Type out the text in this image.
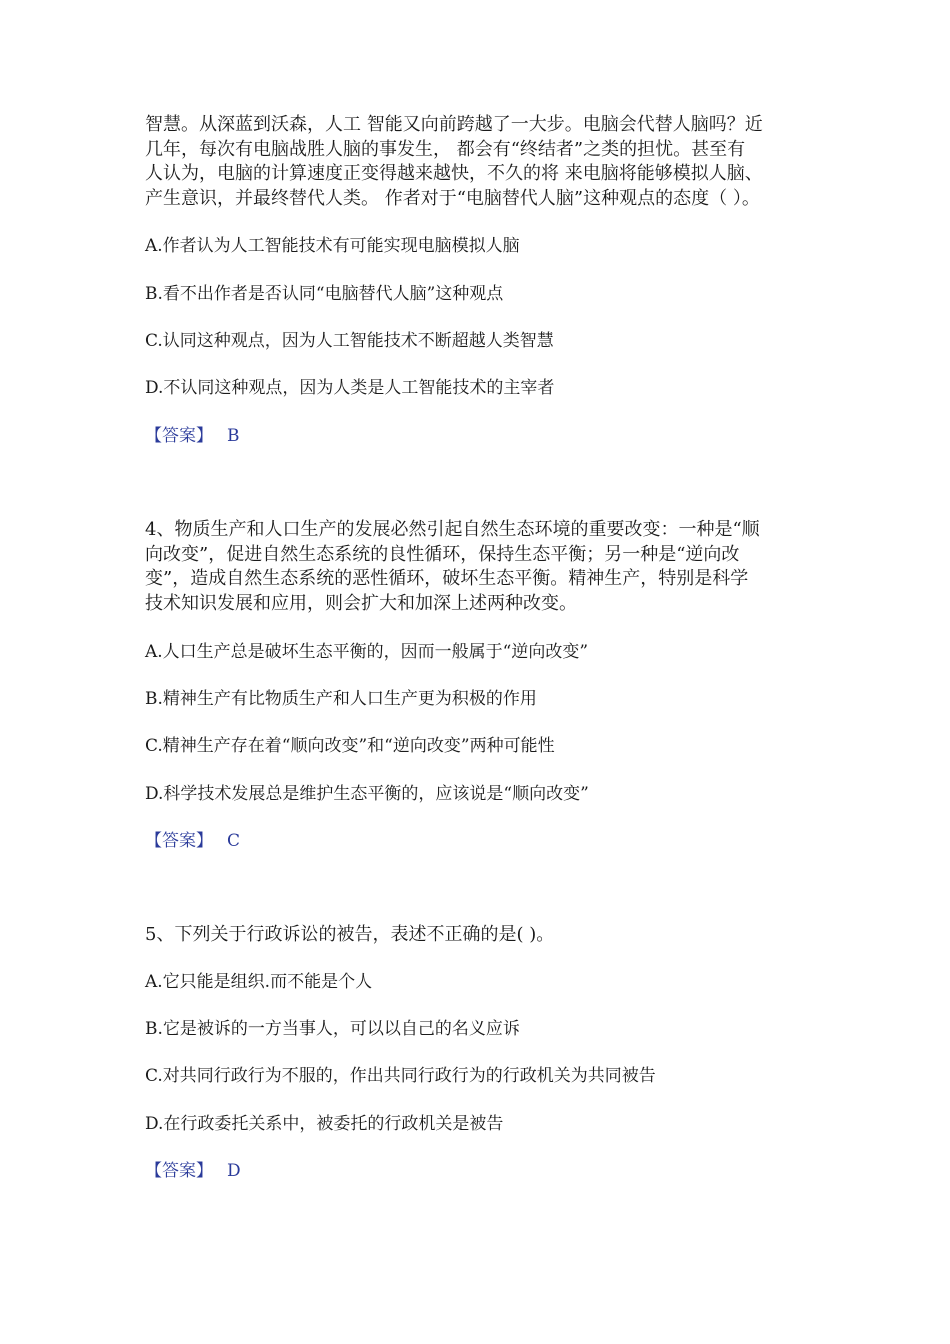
智慧。从深蓝到沃森，人工 智能又向前跨越了一大步。电脑会代替人脑吗？近
几年，每次有电脑战胜人脑的事发生， 都会有“终结者”之类的担忧。甚至有
人认为，电脑的计算速度正变得越来越快，不久的将 来电脑将能够模拟人脑、
产生意识，并最终替代人类。 作者对于“电脑替代人脑”这种观点的态度（ ）。
A.作者认为人工智能技术有可能实现电脑模拟人脑
B.看不出作者是否认同“电脑替代人脑”这种观点
C.认同这种观点，因为人工智能技术不断超越人类智慧
D.不认同这种观点，因为人类是人工智能技术的主宰者
【答案】 B
4、物质生产和人口生产的发展必然引起自然生态环境的重要改变：一种是“顺
向改变”，促进自然生态系统的良性循环，保持生态平衡；另一种是“逆向改
变”，造成自然生态系统的恶性循环，破坏生态平衡。精神生产，特别是科学
技术知识发展和应用，则会扩大和加深上述两种改变。
A.人口生产总是破坏生态平衡的，因而一般属于“逆向改变”
B.精神生产有比物质生产和人口生产更为积极的作用
C.精神生产存在着“顺向改变”和“逆向改变”两种可能性
D.科学技术发展总是维护生态平衡的，应该说是“顺向改变”
【答案】 C
5、下列关于行政诉讼的被告，表述不正确的是( )。
A.它只能是组织.而不能是个人
B.它是被诉的一方当事人，可以以自己的名义应诉
C.对共同行政行为不服的，作出共同行政行为的行政机关为共同被告
D.在行政委托关系中，被委托的行政机关是被告
【答案】 D
